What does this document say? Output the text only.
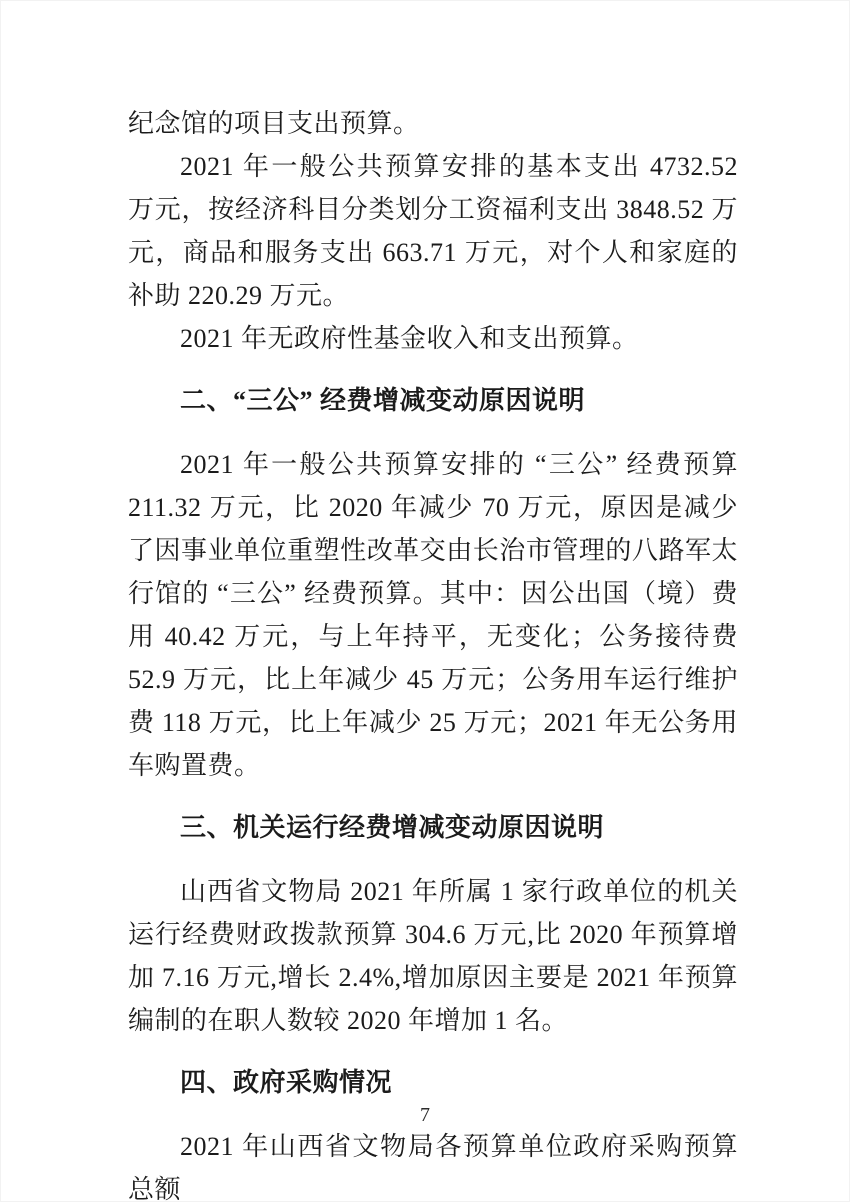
纪念馆的项目支出预算。

2021 年一般公共预算安排的基本支出 4732.52 万元，按经济科目分类划分工资福利支出 3848.52 万元，商品和服务支出 663.71 万元，对个人和家庭的补助 220.29 万元。

2021 年无政府性基金收入和支出预算。

二、“三公” 经费增减变动原因说明

2021 年一般公共预算安排的 “三公” 经费预算 211.32 万元，比 2020 年减少 70 万元，原因是减少了因事业单位重塑性改革交由长治市管理的八路军太行馆的 “三公” 经费预算。其中：因公出国（境）费用 40.42 万元，与上年持平，无变化；公务接待费 52.9 万元，比上年减少 45 万元；公务用车运行维护费 118 万元，比上年减少 25 万元；2021 年无公务用车购置费。

三、机关运行经费增减变动原因说明

山西省文物局 2021 年所属 1 家行政单位的机关运行经费财政拨款预算 304.6 万元,比 2020 年预算增加 7.16 万元,增长 2.4%,增加原因主要是 2021 年预算编制的在职人数较 2020 年增加 1 名。

四、政府采购情况

2021 年山西省文物局各预算单位政府采购预算总额

7
